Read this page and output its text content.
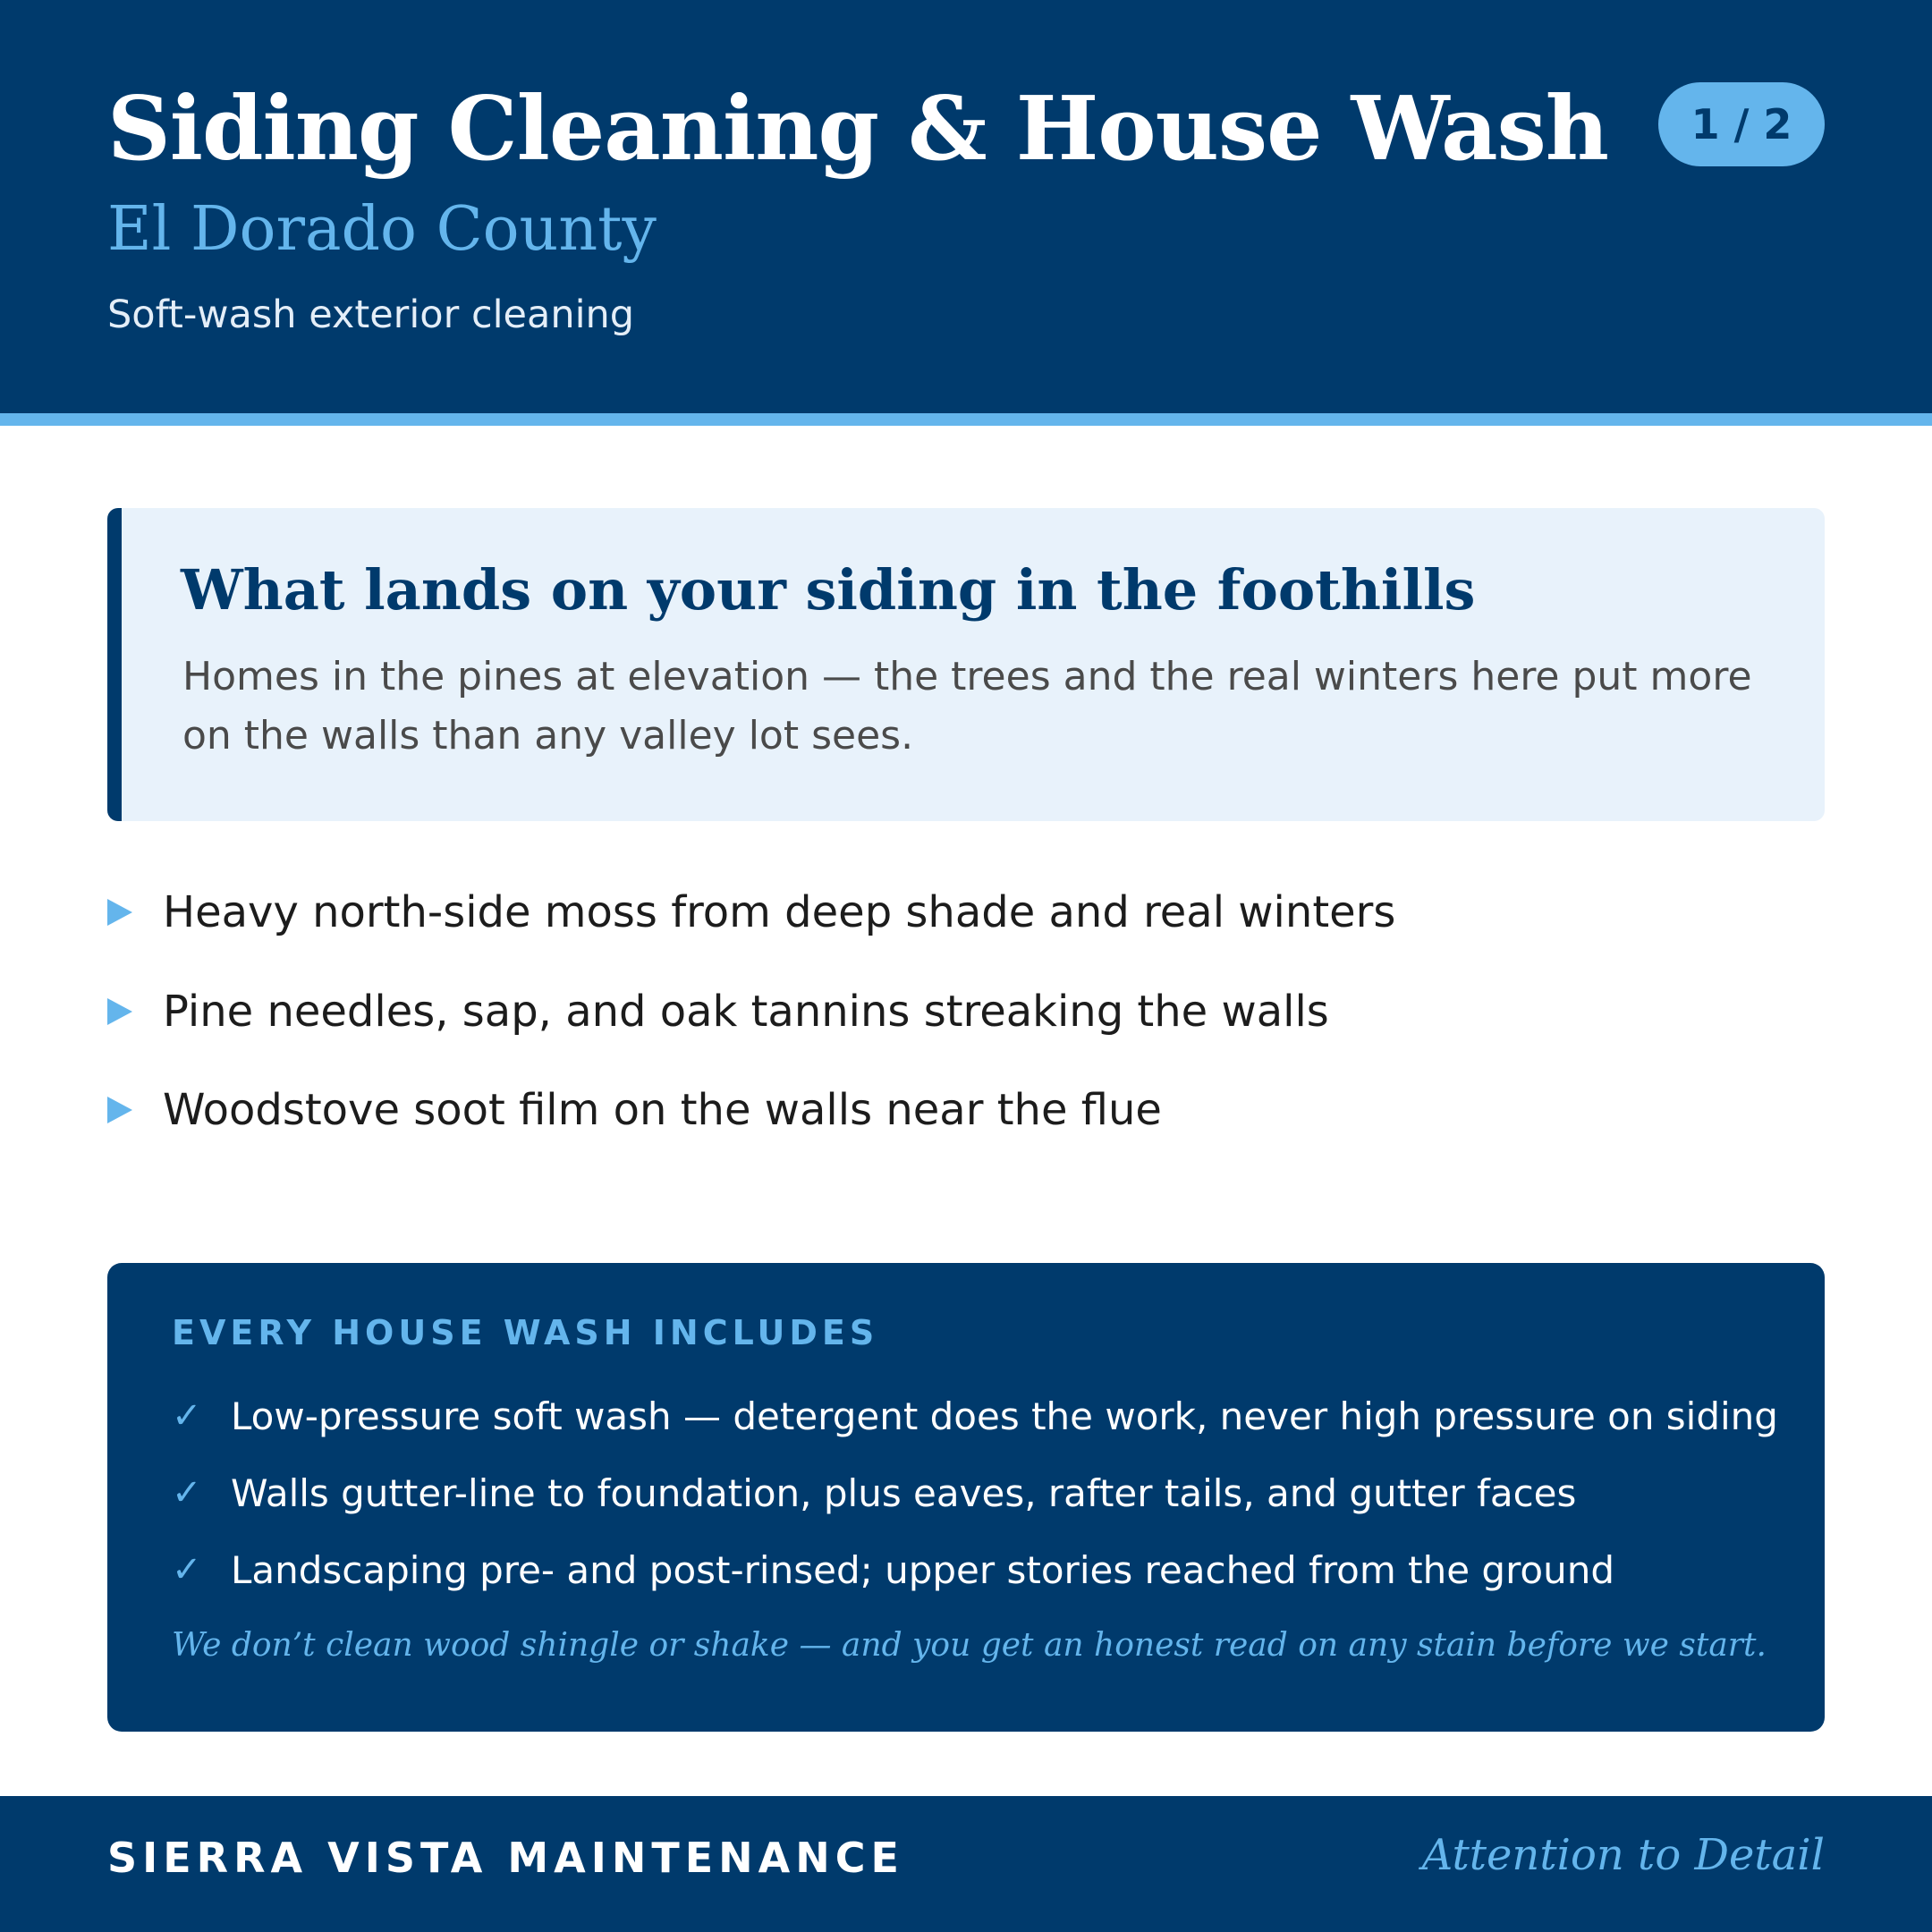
Siding Cleaning & House Wash
El Dorado County
Soft-wash exterior cleaning
1 / 2
What lands on your siding in the foothills

Homes in the pines at elevation — the trees and the real winters here put more on the walls than any valley lot sees.

Heavy north-side moss from deep shade and real winters
Pine needles, sap, and oak tannins streaking the walls
Woodstove soot film on the walls near the flue
EVERY HOUSE WASH INCLUDES
✓ Low-pressure soft wash — detergent does the work, never high pressure on siding
✓ Walls gutter-line to foundation, plus eaves, rafter tails, and gutter faces
✓ Landscaping pre- and post-rinsed; upper stories reached from the ground
We don’t clean wood shingle or shake — and you get an honest read on any stain before we start.
SIERRA VISTA MAINTENANCE	Attention to Detail
